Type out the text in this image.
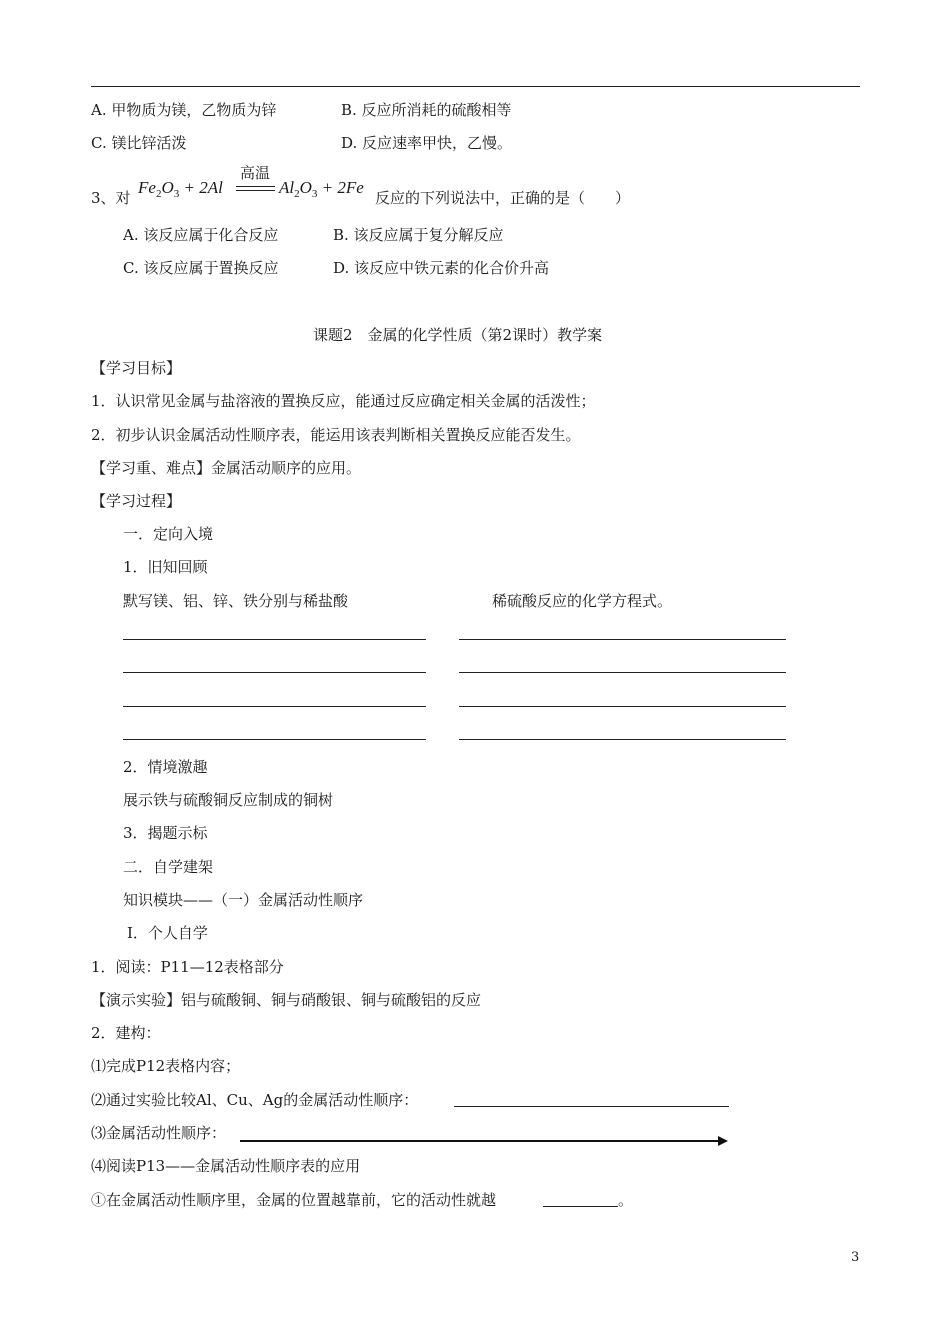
A. 甲物质为镁，乙物质为锌	B. 反应所消耗的硫酸相等
C. 镁比锌活泼	D. 反应速率甲快，乙慢。
3、对
$Fe_2O_3 + 2Al$
高温
$Al_2O_3 + 2Fe$
反应的下列说法中，正确的是（　　）
A. 该反应属于化合反应	B. 该反应属于复分解反应
C. 该反应属于置换反应	D. 该反应中铁元素的化合价升高
课题2　金属的化学性质（第2课时）教学案
【学习目标】
1．认识常见金属与盐溶液的置换反应，能通过反应确定相关金属的活泼性；
2．初步认识金属活动性顺序表，能运用该表判断相关置换反应能否发生。
【学习重、难点】金属活动顺序的应用。
【学习过程】
一．定向入境
1．旧知回顾
默写镁、铝、锌、铁分别与稀盐酸	稀硫酸反应的化学方程式。
2．情境激趣
展示铁与硫酸铜反应制成的铜树
3．揭题示标
二．自学建架
知识模块——（一）金属活动性顺序
Ⅰ．个人自学
1．阅读：P11—12表格部分
【演示实验】铝与硫酸铜、铜与硝酸银、铜与硫酸铝的反应
2．建构：
⑴完成P12表格内容；
⑵通过实验比较Al、Cu、Ag的金属活动性顺序：
⑶金属活动性顺序：
⑷阅读P13——金属活动性顺序表的应用
①在金属活动性顺序里，金属的位置越靠前，它的活动性就越	。
3
